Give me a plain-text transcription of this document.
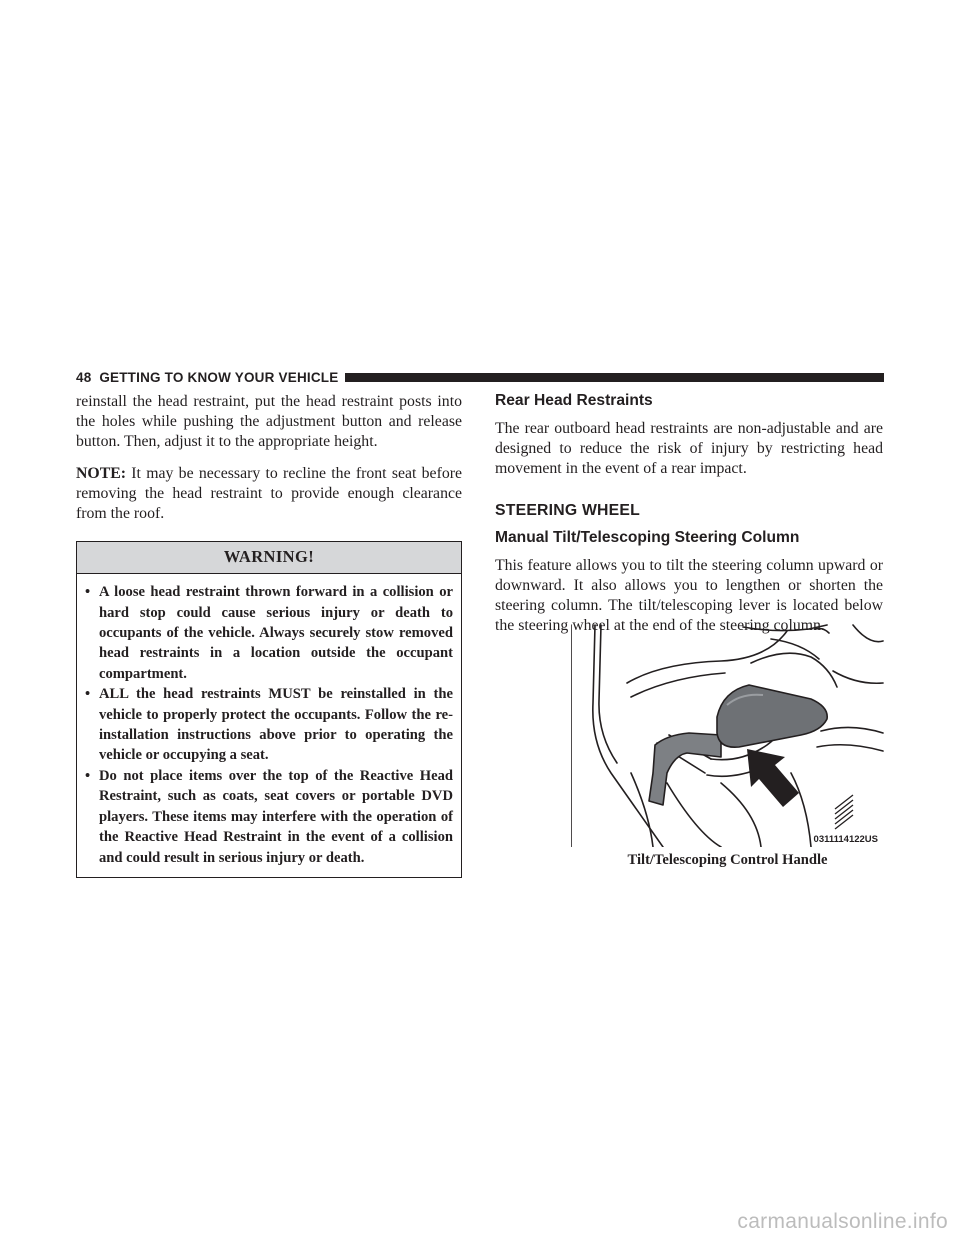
48 GETTING TO KNOW YOUR VEHICLE

reinstall the head restraint, put the head restraint posts into the holes while pushing the adjustment button and release button. Then, adjust it to the appropriate height.

NOTE: It may be necessary to recline the front seat before removing the head restraint to provide enough clearance from the roof.

WARNING!
• A loose head restraint thrown forward in a collision or hard stop could cause serious injury or death to occupants of the vehicle. Always securely stow removed head restraints in a location outside the occupant compartment.
• ALL the head restraints MUST be reinstalled in the vehicle to properly protect the occupants. Follow the re-installation instructions above prior to operating the vehicle or occupying a seat.
• Do not place items over the top of the Reactive Head Restraint, such as coats, seat covers or portable DVD players. These items may interfere with the operation of the Reactive Head Restraint in the event of a collision and could result in serious injury or death.
Rear Head Restraints

The rear outboard head restraints are non-adjustable and are designed to reduce the risk of injury by restricting head movement in the event of a rear impact.

STEERING WHEEL
Manual Tilt/Telescoping Steering Column

This feature allows you to tilt the steering column upward or downward. It also allows you to lengthen or shorten the steering column. The tilt/telescoping lever is located below the steering wheel at the end of the steering column.

0311114122US
Tilt/Telescoping Control Handle
carmanualsonline.info
